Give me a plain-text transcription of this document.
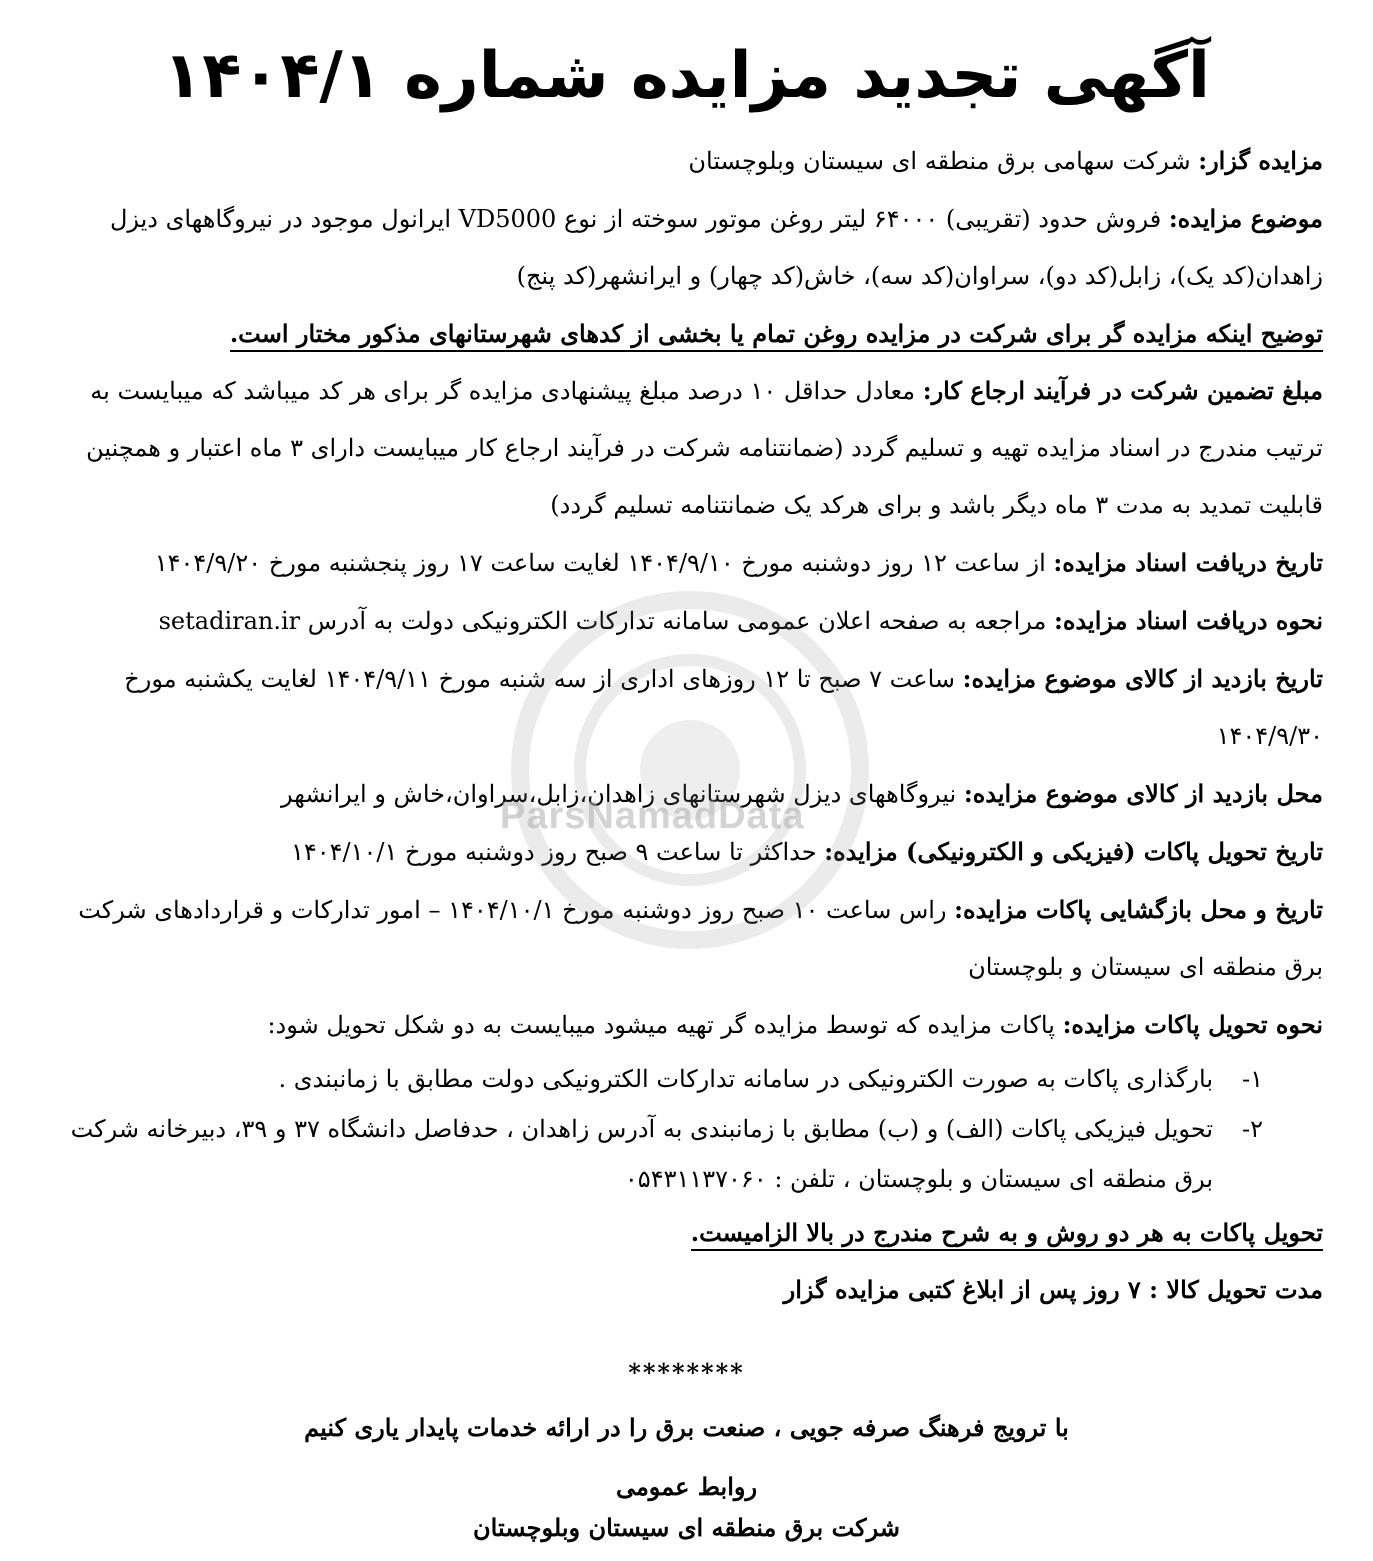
ParsNamadData
آگهی تجدید مزایده شماره ۱۴۰۴/۱

مزایده گزار: شرکت سهامی برق منطقه ای سیستان وبلوچستان

موضوع مزایده: فروش حدود (تقریبی) ۶۴۰۰۰ لیتر روغن موتور سوخته از نوع VD5000 ایرانول موجود در نیروگاههای دیزل زاهدان(کد یک)، زابل(کد دو)، سراوان(کد سه)، خاش(کد چهار) و ایرانشهر(کد پنج)

توضیح اینکه مزایده گر برای شرکت در مزایده روغن تمام یا بخشی از کدهای شهرستانهای مذکور مختار است.

مبلغ تضمین شرکت در فرآیند ارجاع کار: معادل حداقل ۱۰ درصد مبلغ پیشنهادی مزایده گر برای هر کد میباشد که میبایست به ترتیب مندرج در اسناد مزایده تهیه و تسلیم گردد (ضمانتنامه شرکت در فرآیند ارجاع کار میبایست دارای ۳ ماه اعتبار و همچنین قابلیت تمدید به مدت ۳ ماه دیگر باشد و برای هرکد یک ضمانتنامه تسلیم گردد)

تاریخ دریافت اسناد مزایده: از ساعت ۱۲ روز دوشنبه مورخ ۱۴۰۴/۹/۱۰ لغایت ساعت ۱۷ روز پنجشنبه مورخ ۱۴۰۴/۹/۲۰

نحوه دریافت اسناد مزایده: مراجعه به صفحه اعلان عمومی سامانه تدارکات الکترونیکی دولت به آدرس setadiran.ir

تاریخ بازدید از کالای موضوع مزایده: ساعت ۷ صبح تا ۱۲ روزهای اداری از سه شنبه مورخ ۱۴۰۴/۹/۱۱ لغایت یکشنبه مورخ ۱۴۰۴/۹/۳۰

محل بازدید از کالای موضوع مزایده: نیروگاههای دیزل شهرستانهای زاهدان،زابل،سراوان،خاش و ایرانشهر

تاریخ تحویل پاکات (فیزیکی و الکترونیکی) مزایده: حداکثر تا ساعت ۹ صبح روز دوشنبه مورخ ۱۴۰۴/۱۰/۱

تاریخ و محل بازگشایی پاکات مزایده: راس ساعت ۱۰ صبح روز دوشنبه مورخ ۱۴۰۴/۱۰/۱ – امور تدارکات و قراردادهای شرکت برق منطقه ای سیستان و بلوچستان

نحوه تحویل پاکات مزایده: پاکات مزایده که توسط مزایده گر تهیه میشود میبایست به دو شکل تحویل شود:

۱-
بارگذاری پاکات به صورت الکترونیکی در سامانه تدارکات الکترونیکی دولت مطابق با زمانبندی .
۲-
تحویل فیزیکی پاکات (الف) و (ب) مطابق با زمانبندی به آدرس زاهدان ، حدفاصل دانشگاه ۳۷ و ۳۹، دبیرخانه شرکت برق منطقه ای سیستان و بلوچستان ، تلفن : ۰۵۴۳۱۱۳۷۰۶۰

تحویل پاکات به هر دو روش و به شرح مندرج در بالا الزامیست.

مدت تحویل کالا : ۷ روز پس از ابلاغ کتبی مزایده گزار

********
با ترویج فرهنگ صرفه جویی ، صنعت برق را در ارائه خدمات پایدار یاری کنیم
روابط عمومی
شرکت برق منطقه ای سیستان وبلوچستان
